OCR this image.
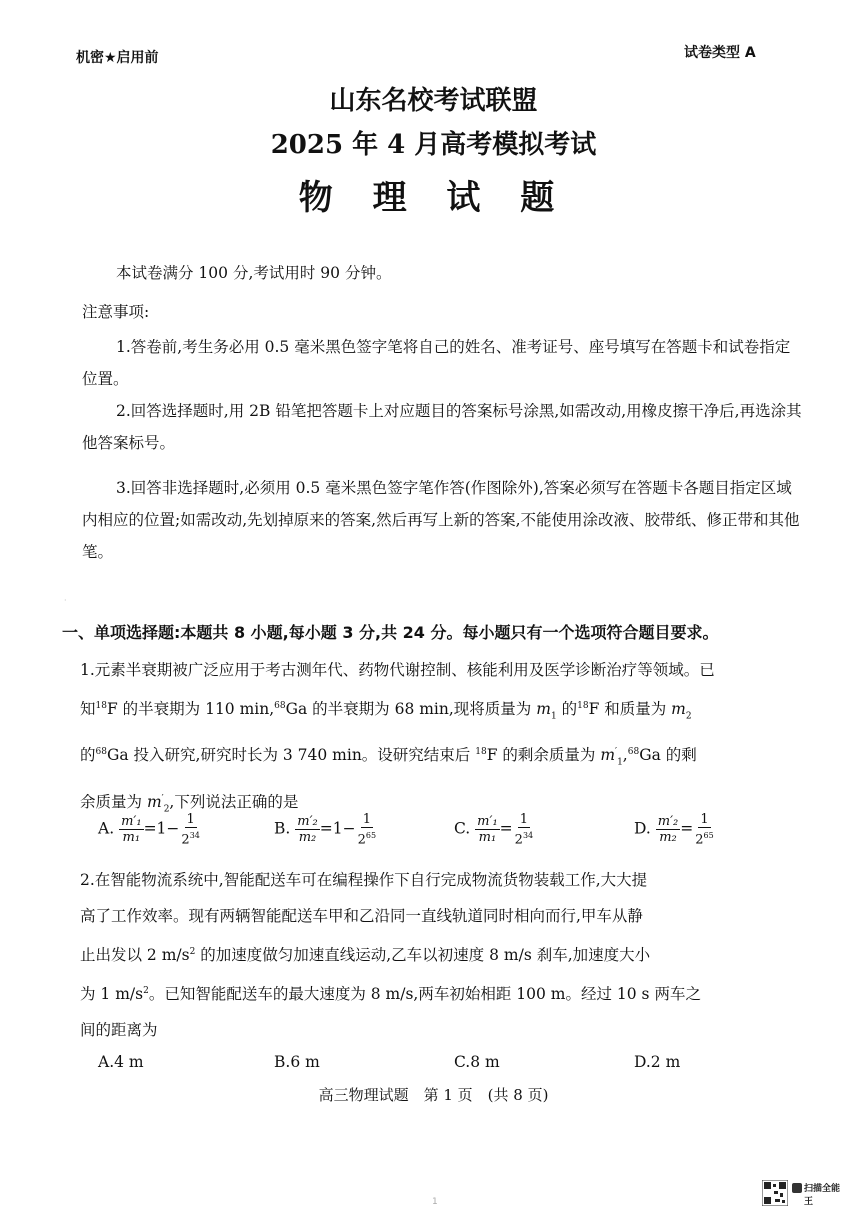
机密★启用前	试卷类型 A
山东名校考试联盟
2025 年 4 月高考模拟考试
物 理 试 题
本试卷满分 100 分,考试用时 90 分钟。
注意事项:
1.答卷前,考生务必用 0.5 毫米黑色签字笔将自己的姓名、准考证号、座号填写在答题卡和试卷指定位置。
2.回答选择题时,用 2B 铅笔把答题卡上对应题目的答案标号涂黑,如需改动,用橡皮擦干净后,再选涂其他答案标号。
3.回答非选择题时,必须用 0.5 毫米黑色签字笔作答(作图除外),答案必须写在答题卡各题目指定区域内相应的位置;如需改动,先划掉原来的答案,然后再写上新的答案,不能使用涂改液、胶带纸、修正带和其他笔。
·
一、单项选择题:本题共 8 小题,每小题 3 分,共 24 分。每小题只有一个选项符合题目要求。
1.元素半衰期被广泛应用于考古测年代、药物代谢控制、核能利用及医学诊断治疗等领域。已
知$^{18}$F 的半衰期为 110 min,$^{68}$Ga 的半衰期为 68 min,现将质量为 $m_1$ 的$^{18}$F 和质量为 $m_2$
的$^{68}$Ga 投入研究,研究时长为 3 740 min。设研究结束后 $^{18}$F 的剩余质量为 $m'_1,^{68}Ga$ 的剩
余质量为 $m'_2$,下列说法正确的是
A. $\frac{\text{m′₁}}{\text{m₁}} =1- \frac{1}{2^{34}}$	B. $\frac{\text{m′₂}}{\text{m₂}} =1- \frac{1}{2^{65}}$	C. $\frac{\text{m′₁}}{\text{m₁}} = \frac{1}{2^{34}}$	D. $\frac{\text{m′₂}}{\text{m₂}} = \frac{1}{2^{65}}$
2.在智能物流系统中,智能配送车可在编程操作下自行完成物流货物装载工作,大大提
高了工作效率。现有两辆智能配送车甲和乙沿同一直线轨道同时相向而行,甲车从静
止出发以 2 $m/s^2$ 的加速度做匀加速直线运动,乙车以初速度 8 m/s 刹车,加速度大小
为 1 $m/s^2$。已知智能配送车的最大速度为 8 m/s,两车初始相距 100 m。经过 10 s 两车之
间的距离为
A.4 m	B.6 m	C.8 m	D.2 m
高三物理试题　第 1 页　(共 8 页)
1
扫描全能王
